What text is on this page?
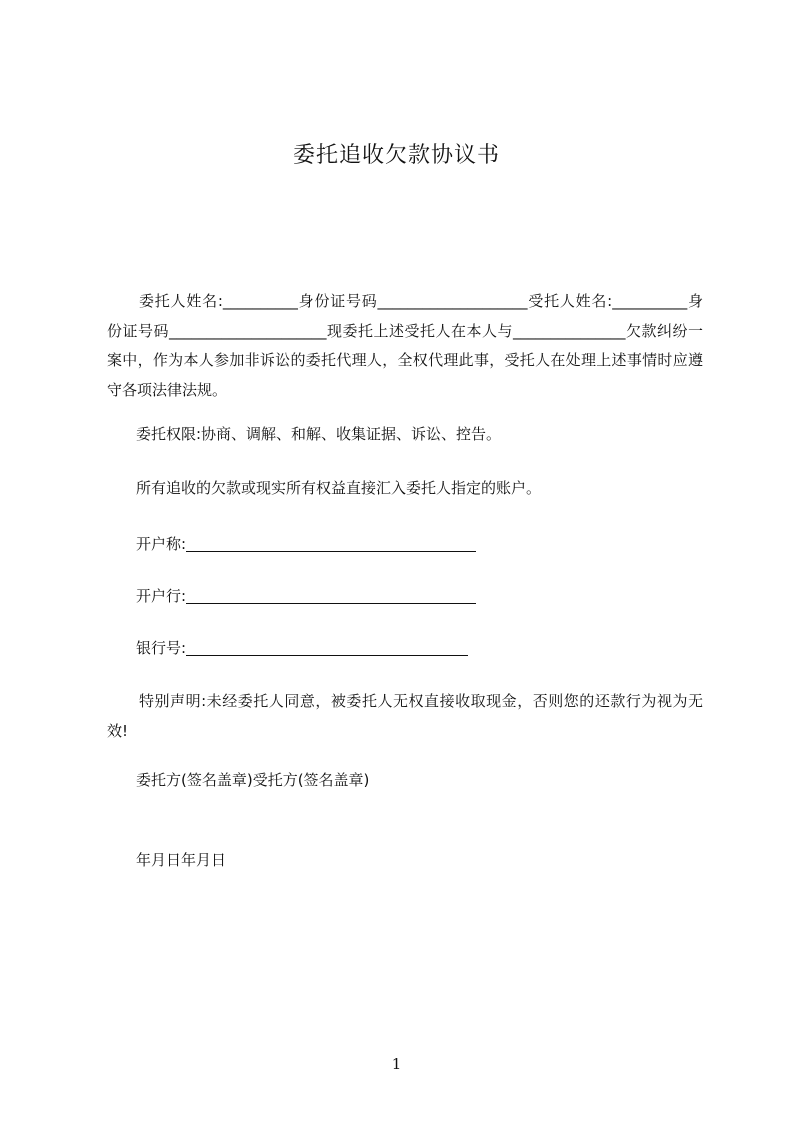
委托追收欠款协议书
委托人姓名:__________身份证号码____________________受托人姓名:__________身份证号码_____________________现委托上述受托人在本人与_______________欠款纠纷一案中，作为本人参加非诉讼的委托代理人，全权代理此事，受托人在处理上述事情时应遵守各项法律法规。
委托权限:协商、调解、和解、收集证据、诉讼、控告。
所有追收的欠款或现实所有权益直接汇入委托人指定的账户。
开户称:
开户行:
银行号:
特别声明:未经委托人同意，被委托人无权直接收取现金，否则您的还款行为视为无效!
委托方(签名盖章)受托方(签名盖章)
年月日年月日
1
